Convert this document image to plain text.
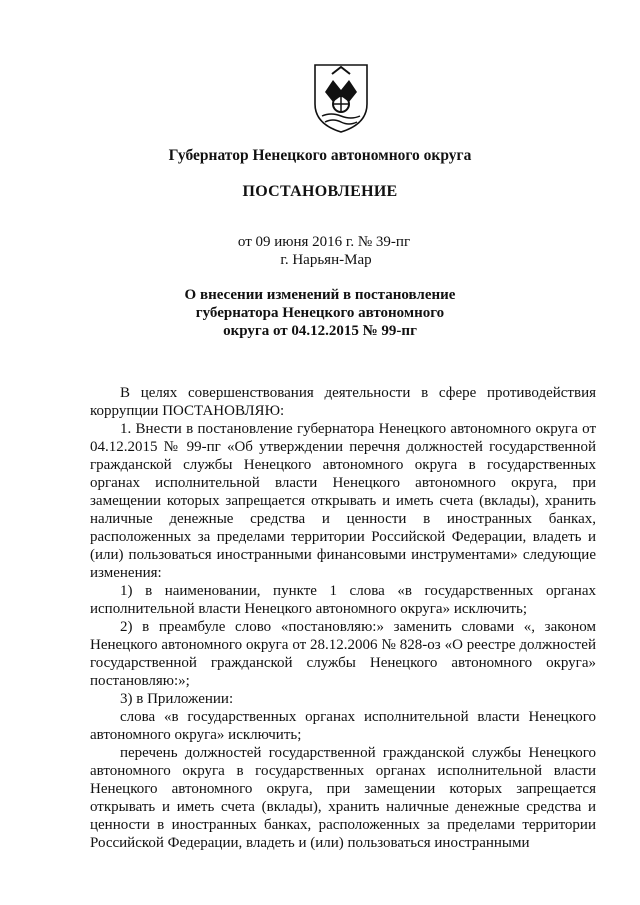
Губернатор Ненецкого автономного округа
ПОСТАНОВЛЕНИЕ
от 09 июня 2016 г. № 39-пг
г. Нарьян-Мар
О внесении изменений в постановление
губернатора Ненецкого автономного
округа от 04.12.2015 № 99-пг

В целях совершенствования деятельности в сфере противодействия коррупции ПОСТАНОВЛЯЮ:

1. Внести в постановление губернатора Ненецкого автономного округа от 04.12.2015 № 99-пг «Об утверждении перечня должностей государственной гражданской службы Ненецкого автономного округа в государственных органах исполнительной власти Ненецкого автономного округа, при замещении которых запрещается открывать и иметь счета (вклады), хранить наличные денежные средства и ценности в иностранных банках, расположенных за пределами территории Российской Федерации, владеть и (или) пользоваться иностранными финансовыми инструментами» следующие изменения:

1) в наименовании, пункте 1 слова «в государственных органах исполнительной власти Ненецкого автономного округа» исключить;

2) в преамбуле слово «постановляю:» заменить словами «, законом Ненецкого автономного округа от 28.12.2006 № 828-оз «О реестре должностей государственной гражданской службы Ненецкого автономного округа» постановляю:»;

3) в Приложении:

слова «в государственных органах исполнительной власти Ненецкого автономного округа» исключить;

перечень должностей государственной гражданской службы Ненецкого автономного округа в государственных органах исполнительной власти Ненецкого автономного округа, при замещении которых запрещается открывать и иметь счета (вклады), хранить наличные денежные средства и ценности в иностранных банках, расположенных за пределами территории Российской Федерации, владеть и (или) пользоваться иностранными
